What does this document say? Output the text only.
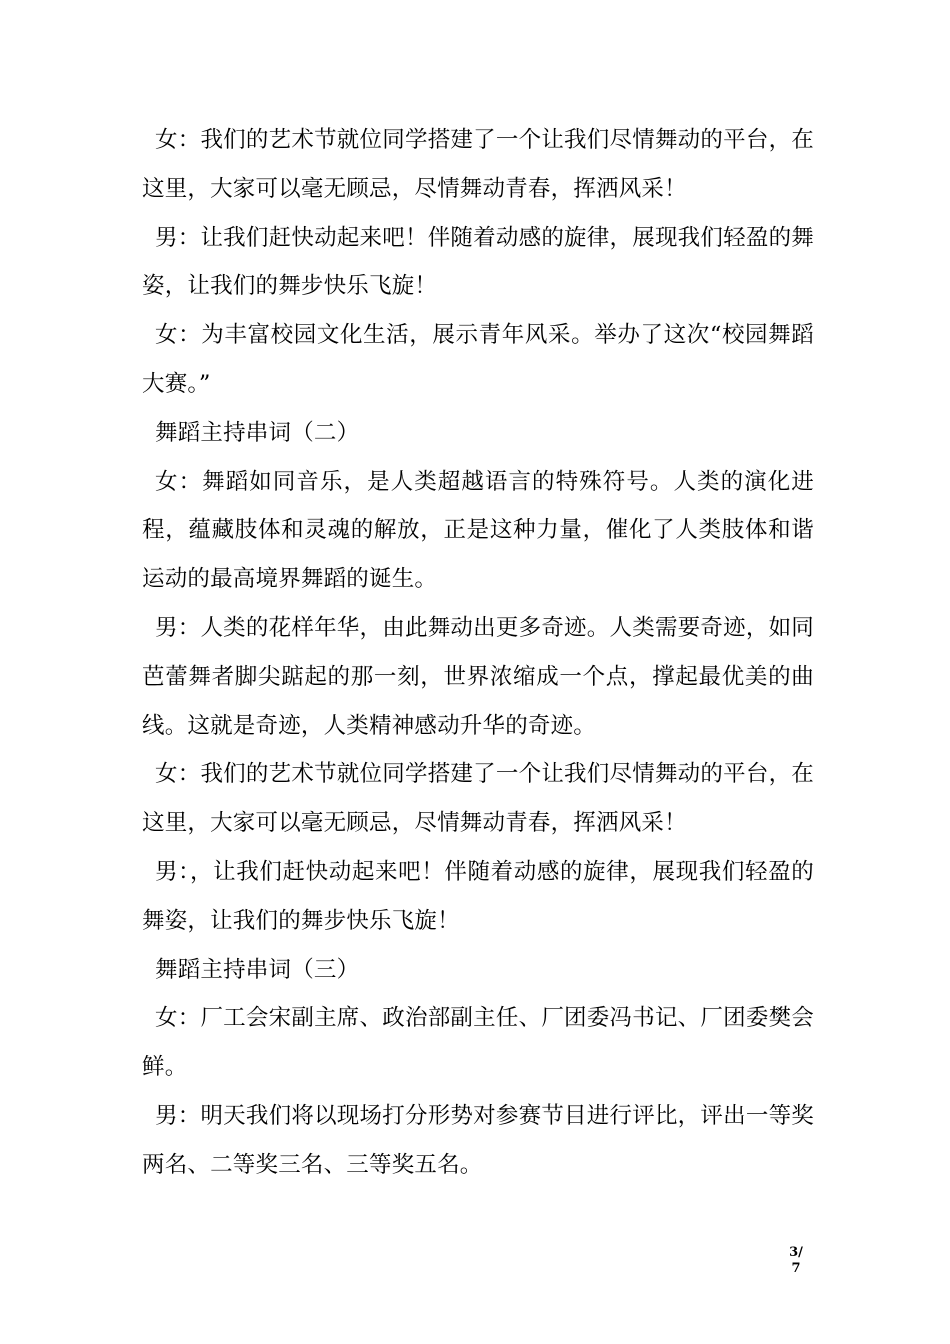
女：我们的艺术节就位同学搭建了一个让我们尽情舞动的平台，在这里，大家可以毫无顾忌，尽情舞动青春，挥洒风采！

男：让我们赶快动起来吧！伴随着动感的旋律，展现我们轻盈的舞姿，让我们的舞步快乐飞旋！

女：为丰富校园文化生活，展示青年风采。举办了这次“校园舞蹈大赛。”

舞蹈主持串词（二）

女：舞蹈如同音乐，是人类超越语言的特殊符号。人类的演化进程，蕴藏肢体和灵魂的解放，正是这种力量，催化了人类肢体和谐运动的最高境界舞蹈的诞生。

男：人类的花样年华，由此舞动出更多奇迹。人类需要奇迹，如同芭蕾舞者脚尖踮起的那一刻，世界浓缩成一个点，撑起最优美的曲线。这就是奇迹，人类精神感动升华的奇迹。

女：我们的艺术节就位同学搭建了一个让我们尽情舞动的平台，在这里，大家可以毫无顾忌，尽情舞动青春，挥洒风采！

男：，让我们赶快动起来吧！伴随着动感的旋律，展现我们轻盈的舞姿，让我们的舞步快乐飞旋！

舞蹈主持串词（三）

女：厂工会宋副主席、政治部副主任、厂团委冯书记、厂团委樊会鲜。

男：明天我们将以现场打分形势对参赛节目进行评比，评出一等奖两名、二等奖三名、三等奖五名。

3/
7
